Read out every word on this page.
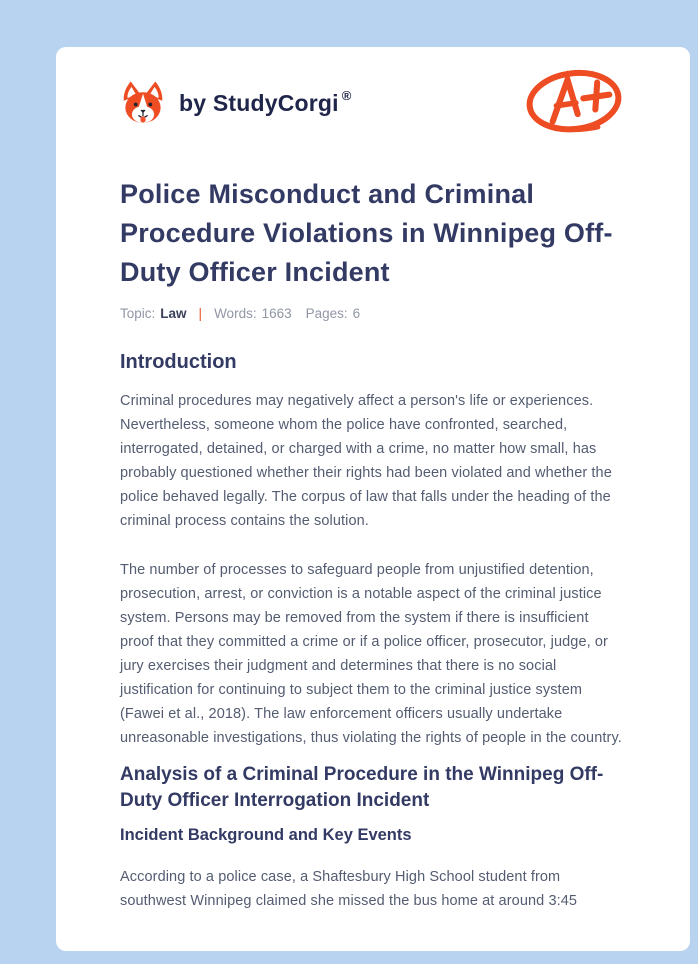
by StudyCorgi ®
Police Misconduct and Criminal Procedure Violations in Winnipeg Off-Duty Officer Incident
Topic: Law | Words: 1663 Pages: 6
Introduction

Criminal procedures may negatively affect a person's life or experiences. Nevertheless, someone whom the police have confronted, searched, interrogated, detained, or charged with a crime, no matter how small, has probably questioned whether their rights had been violated and whether the police behaved legally. The corpus of law that falls under the heading of the criminal process contains the solution.

The number of processes to safeguard people from unjustified detention, prosecution, arrest, or conviction is a notable aspect of the criminal justice system. Persons may be removed from the system if there is insufficient proof that they committed a crime or if a police officer, prosecutor, judge, or jury exercises their judgment and determines that there is no social justification for continuing to subject them to the criminal justice system (Fawei et al., 2018). The law enforcement officers usually undertake unreasonable investigations, thus violating the rights of people in the country.

Analysis of a Criminal Procedure in the Winnipeg Off-Duty Officer Interrogation Incident
Incident Background and Key Events

According to a police case, a Shaftesbury High School student from southwest Winnipeg claimed she missed the bus home at around 3:45
